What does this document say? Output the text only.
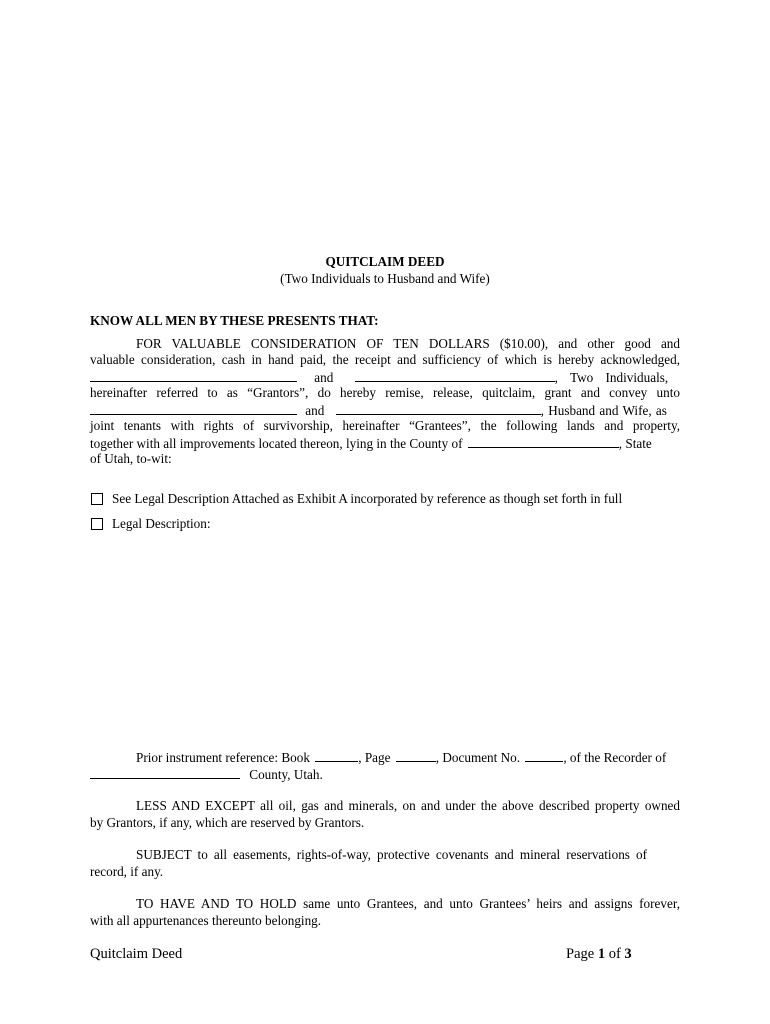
QUITCLAIM DEED
(Two Individuals to Husband and Wife)
KNOW ALL MEN BY THESE PRESENTS THAT:
FOR VALUABLE CONSIDERATION OF TEN DOLLARS ($10.00), and other good and
valuable consideration, cash in hand paid, the receipt and sufficiency of which is hereby acknowledged,
and	, Two Individuals,
hereinafter referred to as “Grantors”, do hereby remise, release, quitclaim, grant and convey unto
and	, Husband and Wife, as
joint tenants with rights of survivorship, hereinafter “Grantees”, the following lands and property,
together with all improvements located thereon, lying in the County of	, State
of Utah, to-wit:
See Legal Description Attached as Exhibit A incorporated by reference as though set forth in full
Legal Description:
Prior instrument reference: Book	, Page	, Document No.	, of the Recorder of
County, Utah.
LESS AND EXCEPT all oil, gas and minerals, on and under the above described property owned
by Grantors, if any, which are reserved by Grantors.
SUBJECT to all easements, rights-of-way, protective covenants and mineral reservations of
record, if any.
TO HAVE AND TO HOLD same unto Grantees, and unto Grantees’ heirs and assigns forever,
with all appurtenances thereunto belonging.
Quitclaim Deed	Page 1 of 3
